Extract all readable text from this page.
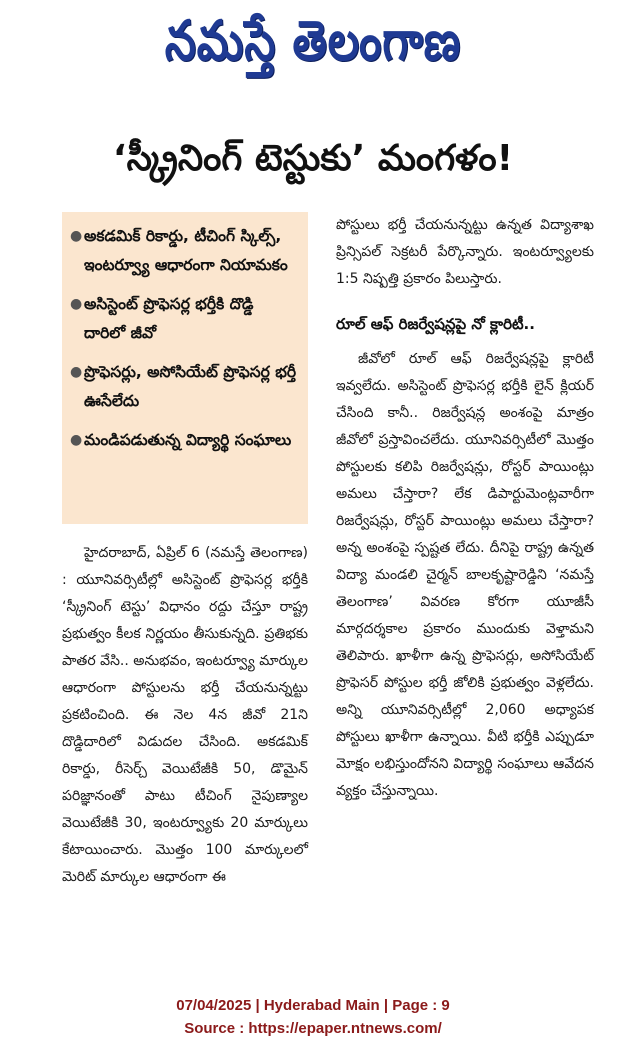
నమస్తే తెలంగాణ
‘స్క్రీనింగ్ టెస్టుకు’ మంగళం!
● అకడమిక్ రికార్డు, టీచింగ్ స్కిల్స్, ఇంటర్వ్యూ ఆధారంగా నియామకం
● అసిస్టెంట్ ప్రొఫెసర్ల భర్తీకి దొడ్డి దారిలో జీవో
● ప్రొఫెసర్లు, అసోసియేట్ ప్రొఫెసర్ల భర్తీ ఊసేలేదు
● మండిపడుతున్న విద్యార్థి సంఘాలు

హైదరాబాద్, ఏప్రిల్ 6 (నమస్తే తెలంగాణ) : యూనివర్సిటీల్లో అసిస్టెంట్ ప్రొఫెసర్ల భర్తీకి ‘స్క్రీనింగ్ టెస్టు’ విధానం రద్దు చేస్తూ రాష్ట్ర ప్రభుత్వం కీలక నిర్ణయం తీసుకున్నది. ప్రతిభకు పాతర వేసి.. అనుభవం, ఇంటర్వ్యూ మార్కుల ఆధారంగా పోస్టులను భర్తీ చేయనున్నట్టు ప్రకటించింది. ఈ నెల 4న జీవో 21ని దొడ్డిదారిలో విడుదల చేసింది. అకడమిక్ రికార్డు, రీసెర్చ్ వెయిటేజీకి 50, డొమైన్ పరిజ్ఞానంతో పాటు టీచింగ్ నైపుణ్యాల వెయిటేజీకి 30, ఇంటర్వ్యూకు 20 మార్కులు కేటాయించారు. మొత్తం 100 మార్కులలో మెరిట్ మార్కుల ఆధారంగా ఈ

పోస్టులు భర్తీ చేయనున్నట్టు ఉన్నత విద్యాశాఖ ప్రిన్సిపల్ సెక్రటరీ పేర్కొన్నారు. ఇంటర్వ్యూలకు 1:5 నిష్పత్తి ప్రకారం పిలుస్తారు.

రూల్ ఆఫ్ రిజర్వేషన్లపై నో క్లారిటీ..

జీవోలో రూల్ ఆఫ్ రిజర్వేషన్లపై క్లారిటీ ఇవ్వలేదు. అసిస్టెంట్ ప్రొఫెసర్ల భర్తీకి లైన్ క్లియర్ చేసింది కానీ.. రిజర్వేషన్ల అంశంపై మాత్రం జీవోలో ప్రస్తావించలేదు. యూనివర్సిటీలో మొత్తం పోస్టులకు కలిపి రిజర్వేషన్లు, రోస్టర్ పాయింట్లు అమలు చేస్తారా? లేక డిపార్టుమెంట్లవారీగా రిజర్వేషన్లు, రోస్టర్ పాయింట్లు అమలు చేస్తారా? అన్న అంశంపై స్పష్టత లేదు. దీనిపై రాష్ట్ర ఉన్నత విద్యా మండలి చైర్మన్ బాలకృష్టారెడ్డిని ‘నమస్తే తెలంగాణ’ వివరణ కోరగా యూజీసీ మార్గదర్శకాల ప్రకారం ముందుకు వెళ్తామని తెలిపారు. ఖాళీగా ఉన్న ప్రొఫెసర్లు, అసోసియేట్ ప్రొఫెసర్ పోస్టుల భర్తీ జోలికి ప్రభుత్వం వెళ్లలేదు. అన్ని యూనివర్సిటీల్లో 2,060 అధ్యాపక పోస్టులు ఖాళీగా ఉన్నాయి. వీటి భర్తీకి ఎప్పుడూ మోక్షం లభిస్తుందోనని విద్యార్థి సంఘాలు ఆవేదన వ్యక్తం చేస్తున్నాయి.

07/04/2025 | Hyderabad Main | Page : 9
Source : https://epaper.ntnews.com/
